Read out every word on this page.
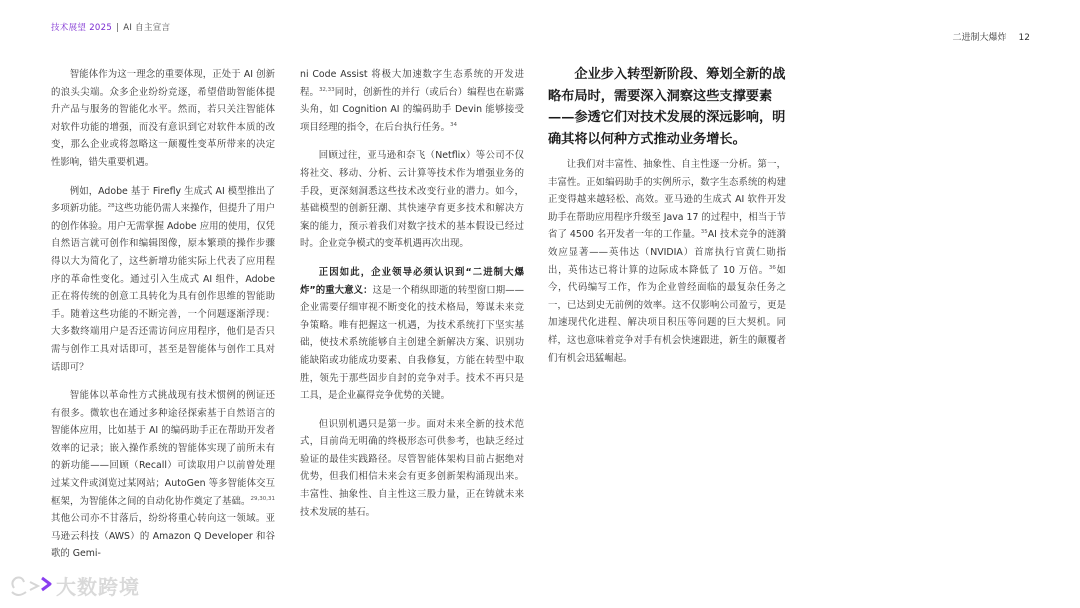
技术展望 2025 | AI 自主宣言
二进制大爆炸 12

智能体作为这一理念的重要体现，正处于 AI 创新的浪头尖端。众多企业纷纷竞逐，希望借助智能体提升产品与服务的智能化水平。然而，若只关注智能体对软件功能的增强，而没有意识到它对软件本质的改变，那么企业或将忽略这一颠覆性变革所带来的决定性影响，错失重要机遇。

例如，Adobe 基于 Firefly 生成式 AI 模型推出了多项新功能。$^{28}$这些功能仍需人来操作，但提升了用户的创作体验。用户无需掌握 Adobe 应用的使用，仅凭自然语言就可创作和编辑图像，原本繁琐的操作步骤得以大为简化了，这些新增功能实际上代表了应用程序的革命性变化。通过引入生成式 AI 组件，Adobe 正在将传统的创意工具转化为具有创作思维的智能助手。随着这些功能的不断完善，一个问题逐渐浮现：大多数终端用户是否还需访问应用程序，他们是否只需与创作工具对话即可，甚至是智能体与创作工具对话即可？

智能体以革命性方式挑战现有技术惯例的例证还有很多。微软也在通过多种途径探索基于自然语言的智能体应用，比如基于 AI 的编码助手正在帮助开发者效率的记录；嵌入操作系统的智能体实现了前所未有的新功能——回顾（Recall）可读取用户以前曾处理过某文件或浏览过某网站；AutoGen 等多智能体交互框架，为智能体之间的自动化协作奠定了基础。$^{29,30,31}$其他公司亦不甘落后，纷纷将重心转向这一领域。亚马逊云科技（AWS）的 Amazon Q Developer 和谷歌的 Gemi-

ni Code Assist 将极大加速数字生态系统的开发进程。$^{32,33}$同时，创新性的并行（或后台）编程也在崭露头角，如 Cognition AI 的编码助手 Devin 能够接受项目经理的指令，在后台执行任务。$^{34}$

回顾过往，亚马逊和奈飞（Netflix）等公司不仅将社交、移动、分析、云计算等技术作为增强业务的手段，更深刻洞悉这些技术改变行业的潜力。如今，基础模型的创新狂潮、其快速孕育更多技术和解决方案的能力，预示着我们对数字技术的基本假设已经过时。企业竞争模式的变革机遇再次出现。

正因如此，企业领导必须认识到“二进制大爆炸”的重大意义：这是一个稍纵即逝的转型窗口期——企业需要仔细审视不断变化的技术格局，筹谋未来竞争策略。唯有把握这一机遇，为技术系统打下坚实基础，使技术系统能够自主创建全新解决方案、识别功能缺陷或功能成功要素、自我修复，方能在转型中取胜，领先于那些固步自封的竞争对手。技术不再只是工具，是企业赢得竞争优势的关键。

但识别机遇只是第一步。面对未来全新的技术范式，目前尚无明确的终极形态可供参考，也缺乏经过验证的最佳实践路径。尽管智能体架构目前占据绝对优势，但我们相信未来会有更多创新架构涌现出来。丰富性、抽象性、自主性这三股力量，正在铸就未来技术发展的基石。

企业步入转型新阶段、筹划全新的战略布局时，需要深入洞察这些支撑要素——参透它们对技术发展的深远影响，明确其将以何种方式推动业务增长。

让我们对丰富性、抽象性、自主性逐一分析。第一，丰富性。正如编码助手的实例所示，数字生态系统的构建正变得越来越轻松、高效。亚马逊的生成式 AI 软件开发助手在帮助应用程序升级至 Java 17 的过程中，相当于节省了 4500 名开发者一年的工作量。$^{35}$AI 技术竞争的涟漪效应显著——英伟达（NVIDIA）首席执行官黄仁勋指出，英伟达已将计算的边际成本降低了 10 万倍。$^{36}$如今，代码编写工作，作为企业曾经面临的最复杂任务之一，已达到史无前例的效率。这不仅影响公司盈亏，更是加速现代化进程、解决项目积压等问题的巨大契机。同样，这也意味着竞争对手有机会快速跟进，新生的颠覆者们有机会迅猛崛起。

大数跨境
